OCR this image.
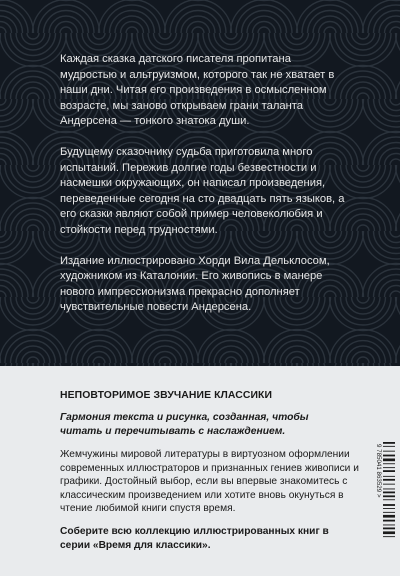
Каждая сказка датского писателя пропитана мудростью и альтруизмом, которого так не хватает в наши дни. Читая его произведения в осмысленном возрасте, мы заново открываем грани таланта Андерсена — тонкого знатока души.

Будущему сказочнику судьба приготовила много испытаний. Пережив долгие годы безвестности и насмешки окружающих, он написал произведения, переведенные сегодня на сто двадцать пять языков, а его сказки являют собой пример человеколюбия и стойкости перед трудностями.

Издание иллюстрировано Хорди Вила Дельклосом, художником из Каталонии. Его живопись в манере нового импрессионизма прекрасно дополняет чувствительные повести Андерсена.

НЕПОВТОРИМОЕ ЗВУЧАНИЕ КЛАССИКИ
Гармония текста и рисунка, созданная, чтобы читать и перечитывать с наслаждением.
Жемчужины мировой литературы в виртуозном оформлении современных иллюстраторов и признанных гениев живописи и графики. Достойный выбор, если вы впервые знакомитесь с классическим произведением или хотите вновь окунуться в чтение любимой книги спустя время.
Соберите всю коллекцию иллюстрированных книг в серии «Время для классики».
9 785041 863529 >
